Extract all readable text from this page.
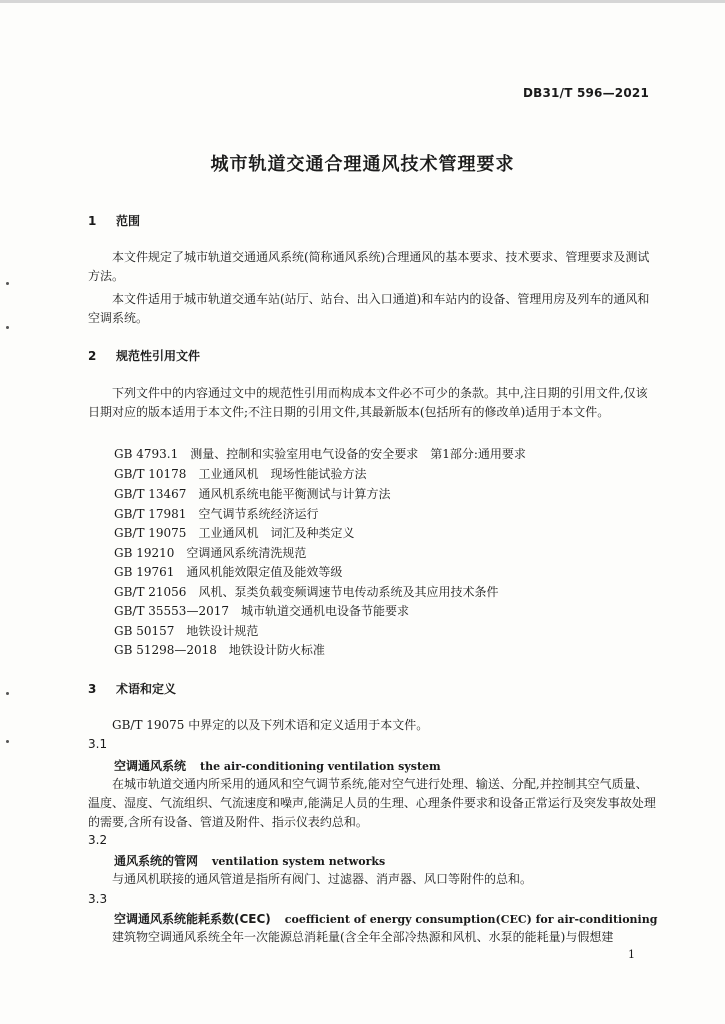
DB31/T 596—2021
城市轨道交通合理通风技术管理要求
1 范围
本文件规定了城市轨道交通通风系统(简称通风系统)合理通风的基本要求、技术要求、管理要求及测试方法。
本文件适用于城市轨道交通车站(站厅、站台、出入口通道)和车站内的设备、管理用房及列车的通风和空调系统。
2 规范性引用文件
下列文件中的内容通过文中的规范性引用而构成本文件必不可少的条款。其中,注日期的引用文件,仅该日期对应的版本适用于本文件;不注日期的引用文件,其最新版本(包括所有的修改单)适用于本文件。
GB 4793.1　测量、控制和实验室用电气设备的安全要求　第1部分:通用要求
GB/T 10178　工业通风机　现场性能试验方法
GB/T 13467　通风机系统电能平衡测试与计算方法
GB/T 17981　空气调节系统经济运行
GB/T 19075　工业通风机　词汇及种类定义
GB 19210　空调通风系统清洗规范
GB 19761　通风机能效限定值及能效等级
GB/T 21056　风机、泵类负载变频调速节电传动系统及其应用技术条件
GB/T 35553—2017　城市轨道交通机电设备节能要求
GB 50157　地铁设计规范
GB 51298—2018　地铁设计防火标准
3 术语和定义
GB/T 19075 中界定的以及下列术语和定义适用于本文件。
3.1
空调通风系统 the air-conditioning ventilation system
在城市轨道交通内所采用的通风和空气调节系统,能对空气进行处理、输送、分配,并控制其空气质量、温度、湿度、气流组织、气流速度和噪声,能满足人员的生理、心理条件要求和设备正常运行及突发事故处理的需要,含所有设备、管道及附件、指示仪表约总和。
3.2
通风系统的管网 ventilation system networks
与通风机联接的通风管道是指所有阀门、过滤器、消声器、风口等附件的总和。
3.3
空调通风系统能耗系数(CEC) coefficient of energy consumption(CEC) for air-conditioning
建筑物空调通风系统全年一次能源总消耗量(含全年全部冷热源和风机、水泵的能耗量)与假想建
1
